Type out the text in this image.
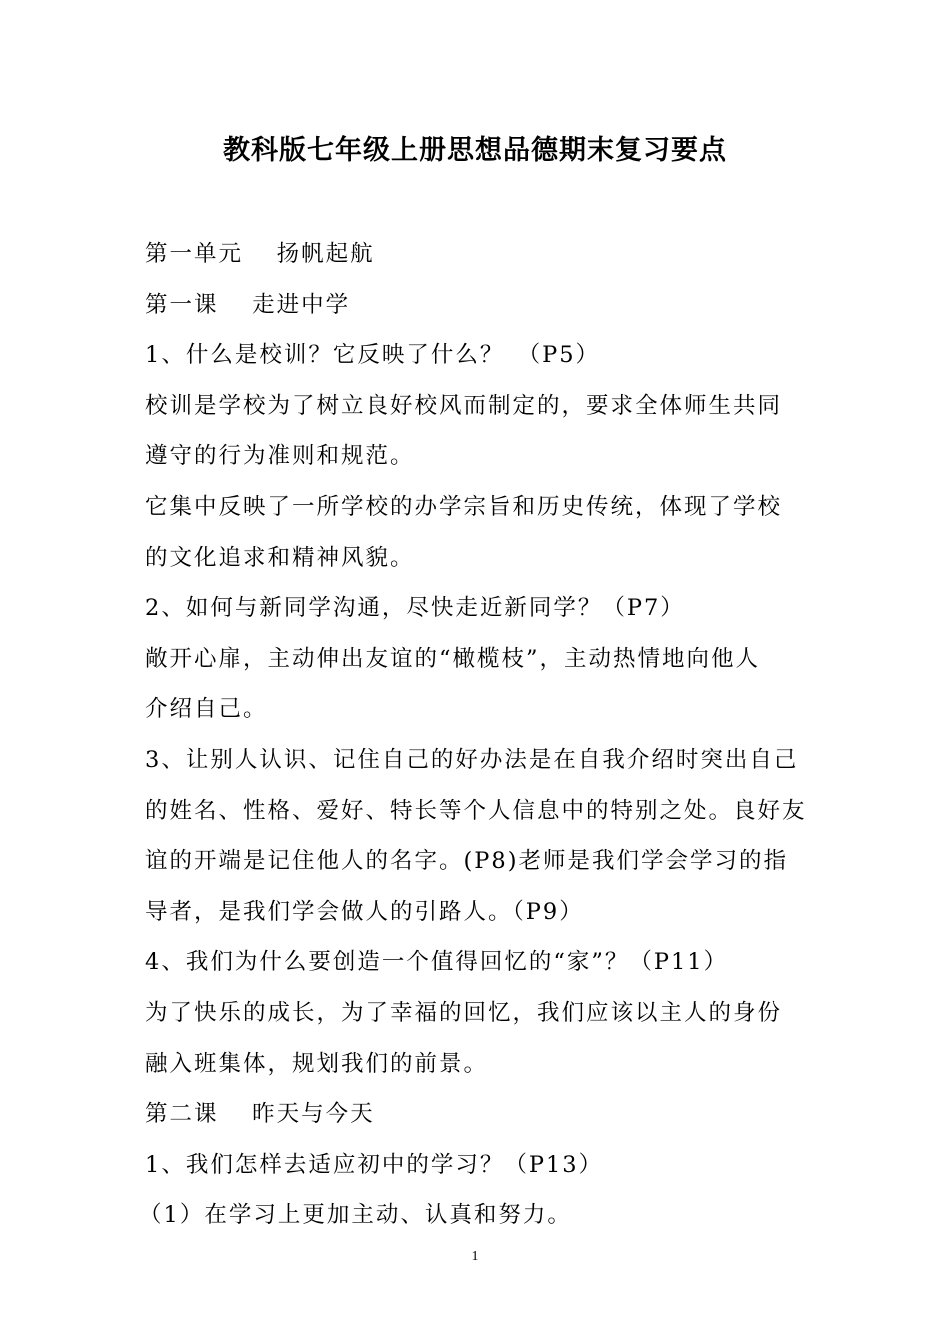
教科版七年级上册思想品德期末复习要点

第一单元　 扬帆起航

第一课　 走进中学

1、什么是校训？它反映了什么？　（P5）

校训是学校为了树立良好校风而制定的，要求全体师生共同

遵守的行为准则和规范。

它集中反映了一所学校的办学宗旨和历史传统，体现了学校

的文化追求和精神风貌。

2、如何与新同学沟通，尽快走近新同学？（P7）

敞开心扉，主动伸出友谊的“橄榄枝”，主动热情地向他人

介绍自己。

3、让别人认识、记住自己的好办法是在自我介绍时突出自己

的姓名、性格、爱好、特长等个人信息中的特别之处。良好友

谊的开端是记住他人的名字。(P8)老师是我们学会学习的指

导者，是我们学会做人的引路人。（P9）

4、我们为什么要创造一个值得回忆的“家”？（P11）

为了快乐的成长，为了幸福的回忆，我们应该以主人的身份

融入班集体，规划我们的前景。

第二课　 昨天与今天

1、我们怎样去适应初中的学习？（P13）

（1）在学习上更加主动、认真和努力。

1
